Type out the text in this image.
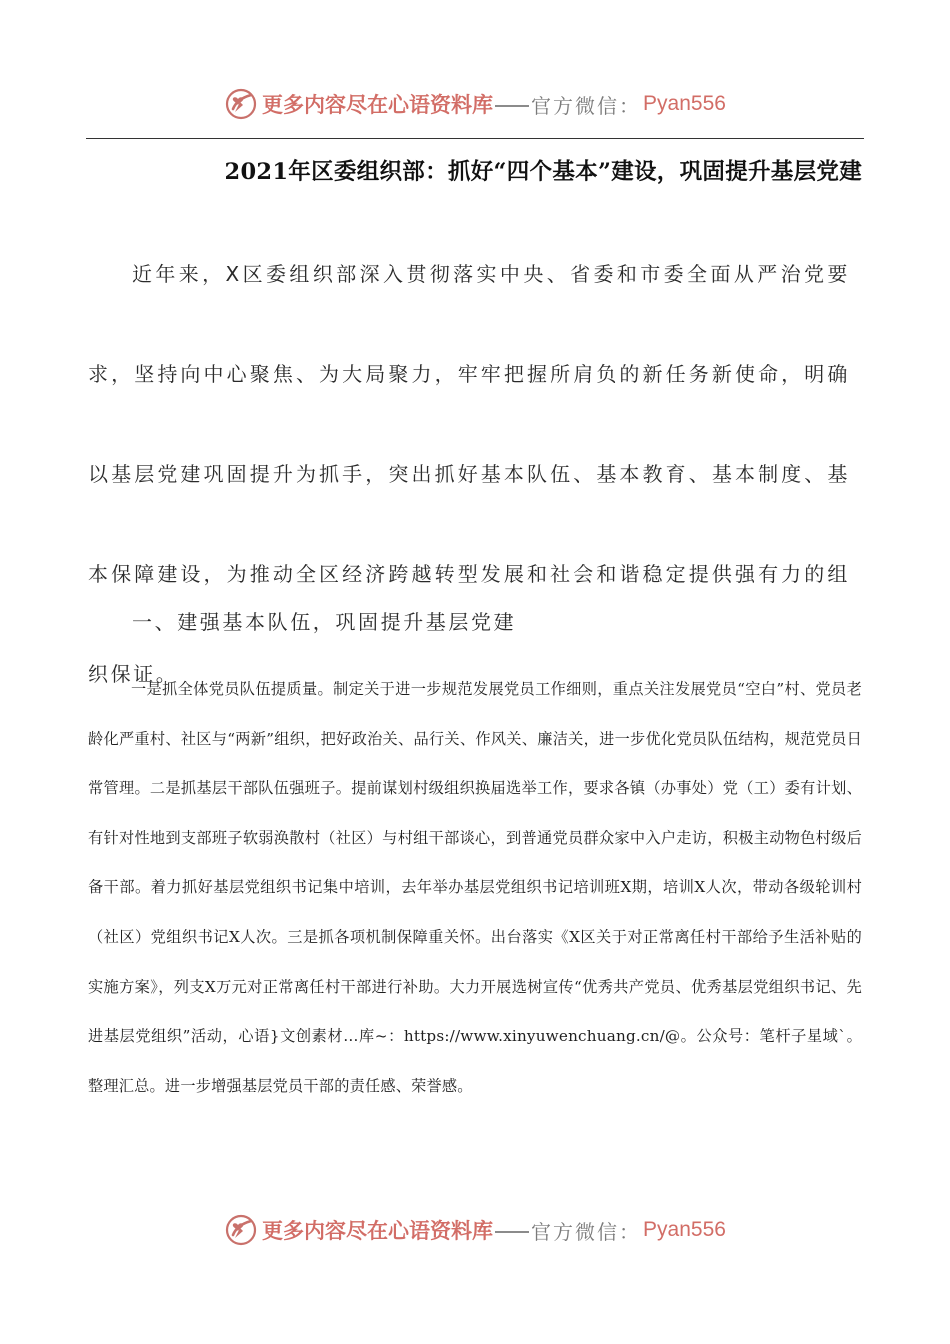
更多内容尽在心语资料库 官方微信： Pyan556
2021年区委组织部：抓好“四个基本”建设，巩固提升基层党建

近年来，X区委组织部深入贯彻落实中央、省委和市委全面从严治党要求，坚持向中心聚焦、为大局聚力，牢牢把握所肩负的新任务新使命，明确以基层党建巩固提升为抓手，突出抓好基本队伍、基本教育、基本制度、基本保障建设，为推动全区经济跨越转型发展和社会和谐稳定提供强有力的组织保证。

一、建强基本队伍，巩固提升基层党建

一是抓全体党员队伍提质量。制定关于进一步规范发展党员工作细则，重点关注发展党员“空白”村、党员老龄化严重村、社区与“两新”组织，把好政治关、品行关、作风关、廉洁关，进一步优化党员队伍结构，规范党员日常管理。二是抓基层干部队伍强班子。提前谋划村级组织换届选举工作，要求各镇（办事处）党（工）委有计划、有针对性地到支部班子软弱涣散村（社区）与村组干部谈心，到普通党员群众家中入户走访，积极主动物色村级后备干部。着力抓好基层党组织书记集中培训，去年举办基层党组织书记培训班X期，培训X人次，带动各级轮训村（社区）党组织书记X人次。三是抓各项机制保障重关怀。出台落实《X区关于对正常离任村干部给予生活补贴的实施方案》，列支X万元对正常离任村干部进行补助。大力开展选树宣传“优秀共产党员、优秀基层党组织书记、先进基层党组织”活动，心语}文创素材…库~：https://www.xinyuwenchuang.cn/@。公众号：笔杆子星域`。整理汇总。进一步增强基层党员干部的责任感、荣誉感。

更多内容尽在心语资料库 官方微信： Pyan556
